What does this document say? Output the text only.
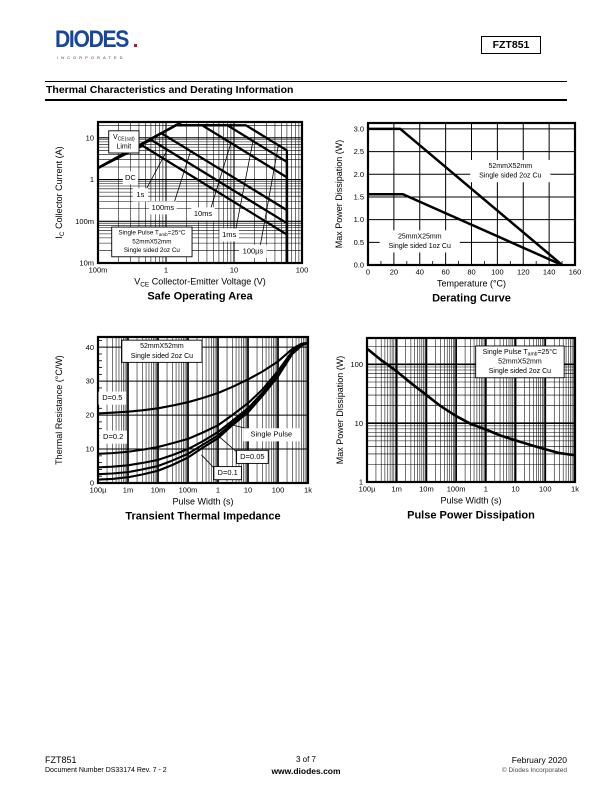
DIODES
INCORPORATED
FZT851
Thermal Characteristics and Derating Information
$V_{CE(sat)}$
Limit
DC
1s
100ms
10ms
1ms
100µs
Single Pulse $T_{amb}=25^\circ C$
52mmX52mm
Single sided 2oz Cu
100m	1	10	100
10m
100m
1
10
$V_{CE}$ Collector-Emitter Voltage (V)
$I_C$ Collector Current (A)
Safe Operating Area
52mmX52mm
Single sided 2oz Cu
25mmX25mm
Single sided 1oz Cu
0	20 40 60 80 100 120 140 160
0.0
0.5
1.0
1.5
2.0
2.5
3.0
Temperature (°C)
Max Power Dissipation (W)
Derating Curve
52mmX52mm
Single sided 2oz Cu
D=0.5
D=0.2
D=0.1
D=0.05
Single Pulse
100µ 1m 10m 100m 1	10	100	1k
0
10
20
30
40
Pulse Width (s)
Thermal Resistance (°C/W)
Transient Thermal Impedance
Single Pulse $T_{amb}=25^\circ C$
52mmX52mm
Single sided 2oz Cu
100µ 1m 10m 100m 1	10	100	1k
1
10
100
Pulse Width (s)
Max Power Dissipation (W)
Pulse Power Dissipation
FZT851
Document Number DS33174 Rev. 7 - 2
3 of 7
www.diodes.com
February 2020
© Diodes Incorporated
